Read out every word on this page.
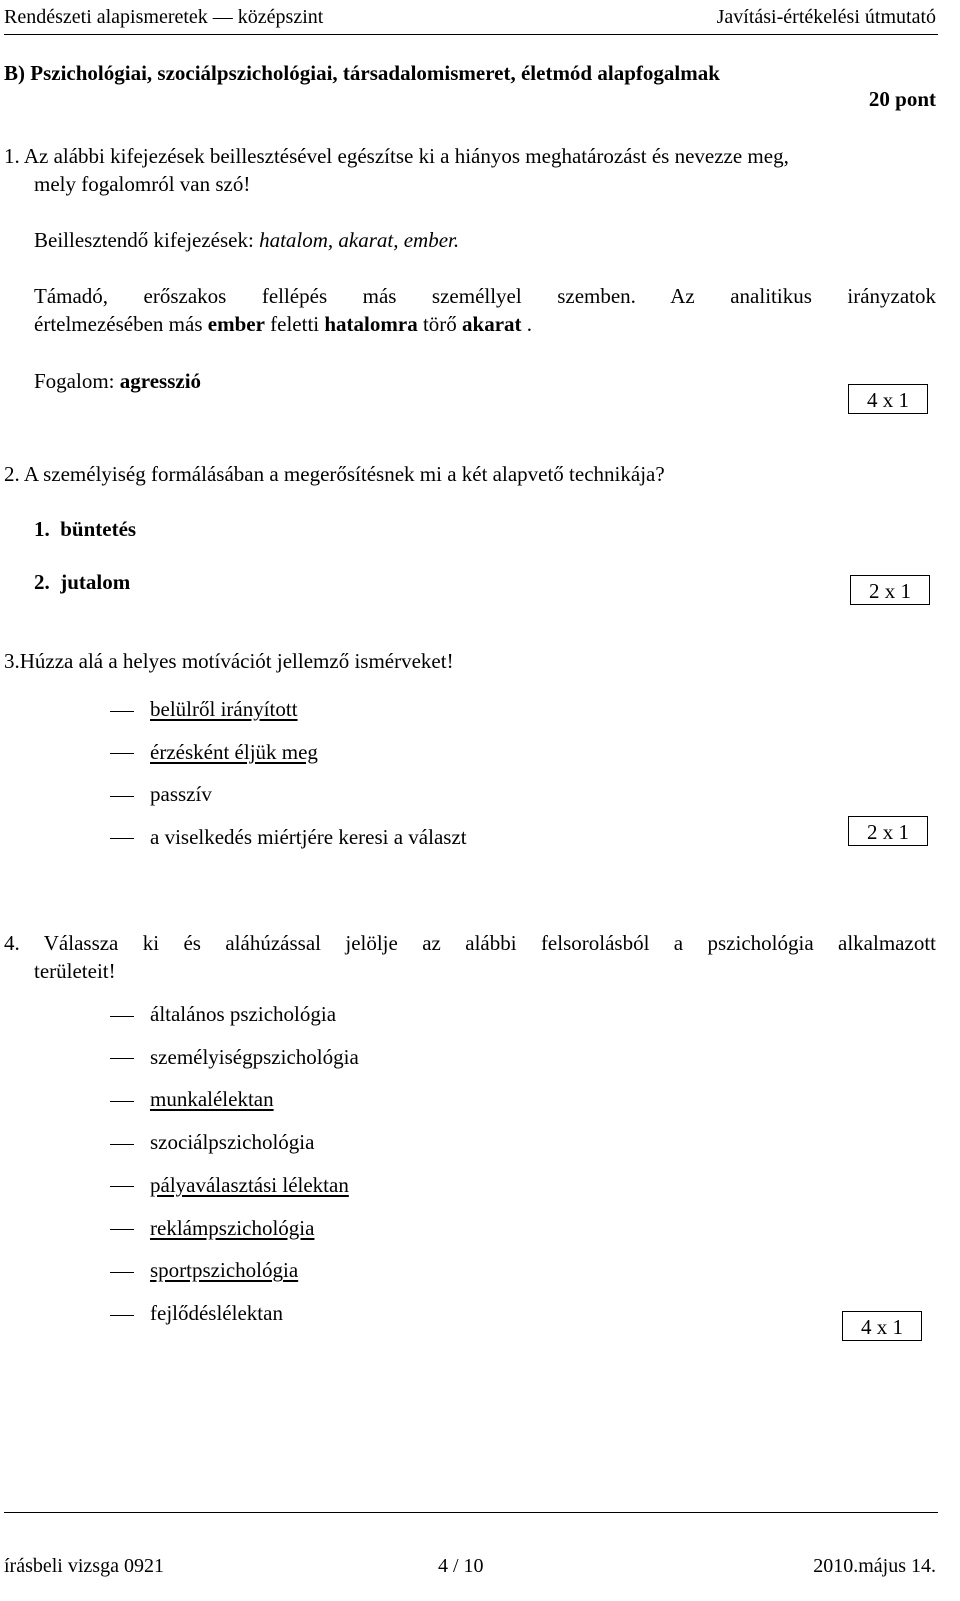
Rendészeti alapismeretek — középszint	Javítási-értékelési útmutató
B) Pszichológiai, szociálpszichológiai, társadalomismeret, életmód alapfogalmak
20 pont
1. Az alábbi kifejezések beillesztésével egészítse ki a hiányos meghatározást és nevezze meg,
mely fogalomról van szó!
Beillesztendő kifejezések: hatalom, akarat, ember.
Támadó, erőszakos fellépés más személlyel szemben. Az analitikus irányzatok
értelmezésében más ember feletti hatalomra törő akarat .
Fogalom: agresszió
4 x 1
2. A személyiség formálásában a megerősítésnek mi a két alapvető technikája?
1.  büntetés
2.  jutalom	2 x 1
3.Húzza alá a helyes motívációt jellemző ismérveket!
belülről irányított
érzésként éljük meg
passzív
a viselkedés miértjére keresi a választ	2 x 1
4. Válassza ki és aláhúzással jelölje az alábbi felsorolásból a pszichológia alkalmazott
területeit!
általános pszichológia
személyiségpszichológia
munkalélektan
szociálpszichológia
pályaválasztási lélektan
reklámpszichológia
sportpszichológia
fejlődéslélektan
4 x 1
írásbeli vizsga 0921	4 / 10	2010.május 14.
